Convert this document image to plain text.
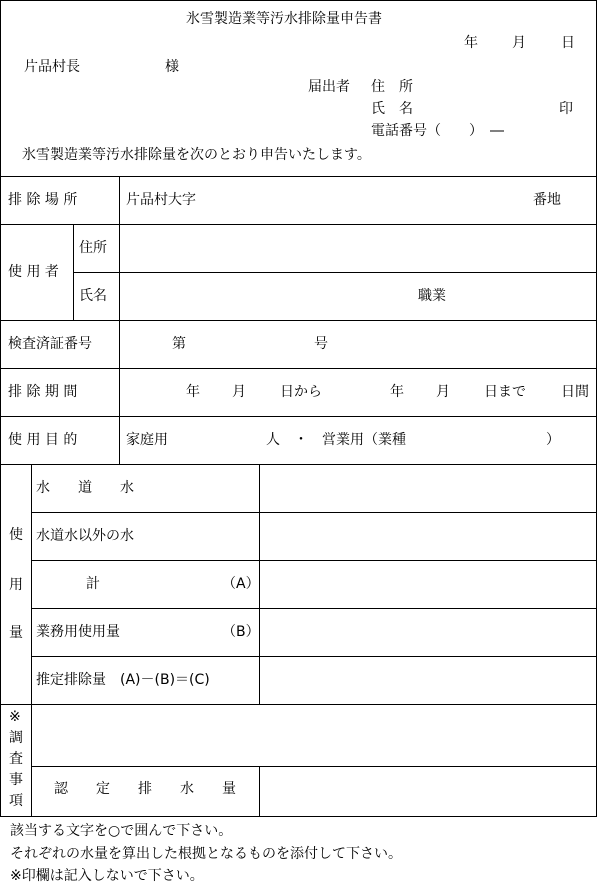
氷雪製造業等汚水排除量申告書
年 月	日
片品村長	様
届出者 住　所
氏　名	印
電話番号（　　）　―
氷雪製造業等汚水排除量を次のとおり申告いたします。
排 除 場 所	片品村大字	番地
使 用 者
住所
氏名	職業
検査済証番号	第	号
排 除 期 間	年 月 日から	年 月 日まで	日間
使 用 目 的	家庭用	人　・　営業用（業種	）
使
用
量
水　　道　　水
水道水以外の水
計	（A）
業務用使用量	（B）
推定排除量　(A)－(B)＝(C)
※
調
査
事
項
認　　定　　排　　水　　量
該当する文字を○で囲んで下さい。
それぞれの水量を算出した根拠となるものを添付して下さい。
※印欄は記入しないで下さい。
